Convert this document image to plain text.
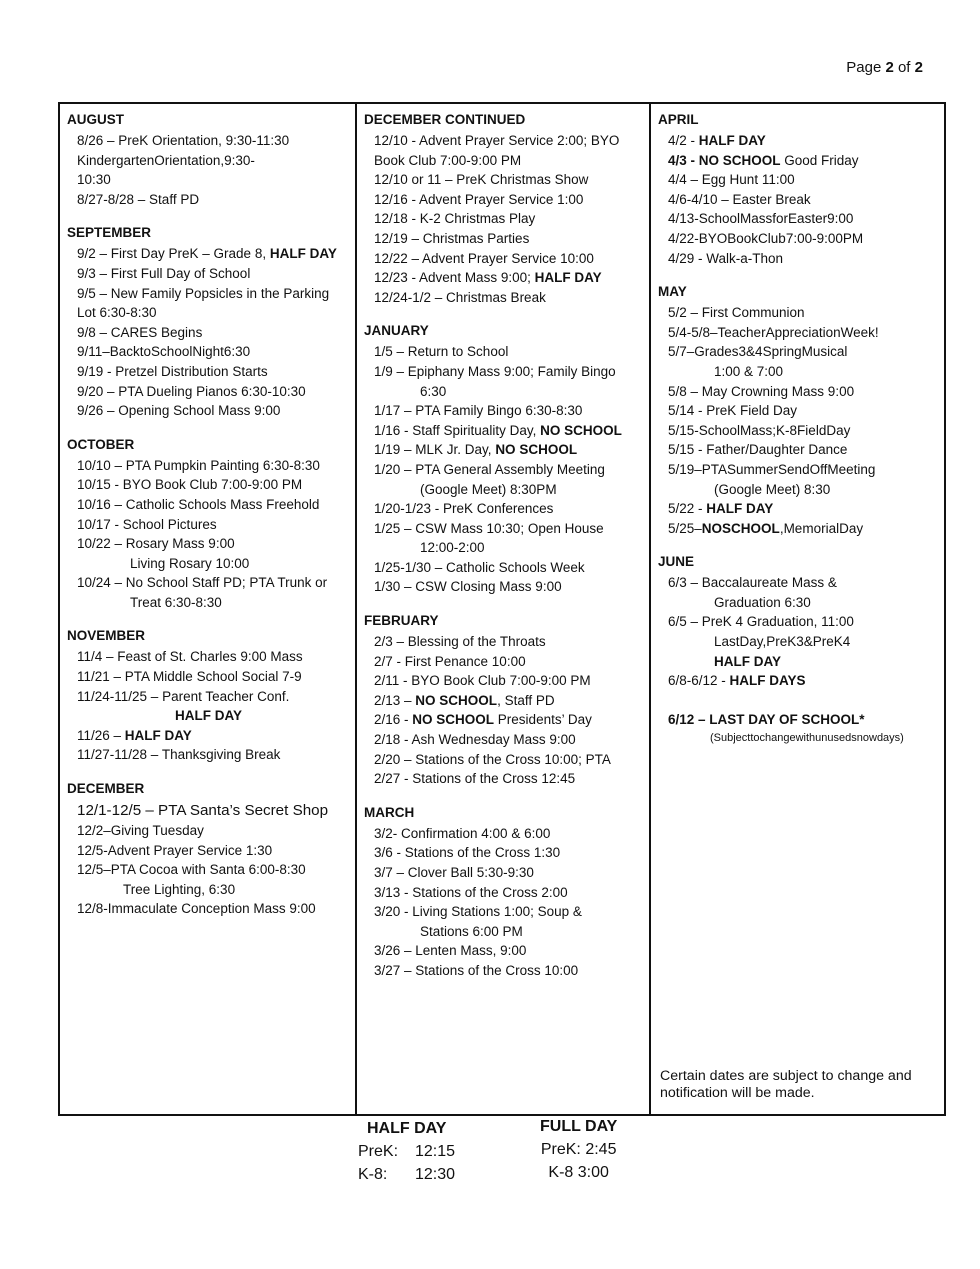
Page 2 of 2
AUGUST
8/26 – PreK Orientation, 9:30-11:30
KindergartenOrientation,9:30-
10:30
8/27-8/28 – Staff PD
SEPTEMBER
9/2 – First Day PreK – Grade 8, HALF DAY
9/3 – First Full Day of School
9/5 – New Family Popsicles in the Parking
Lot 6:30-8:30
9/8 – CARES Begins
9/11–BacktoSchoolNight6:30
9/19 - Pretzel Distribution Starts
9/20 – PTA Dueling Pianos 6:30-10:30
9/26 – Opening School Mass 9:00
OCTOBER
10/10 – PTA Pumpkin Painting 6:30-8:30
10/15 - BYO Book Club 7:00-9:00 PM
10/16 – Catholic Schools Mass Freehold
10/17 - School Pictures
10/22 – Rosary Mass 9:00
Living Rosary 10:00
10/24 – No School Staff PD; PTA Trunk or
Treat 6:30-8:30
NOVEMBER
11/4 – Feast of St. Charles 9:00 Mass
11/21 – PTA Middle School Social 7-9
11/24-11/25 – Parent Teacher Conf.
HALF DAY
11/26 – HALF DAY
11/27-11/28 – Thanksgiving Break
DECEMBER
12/1-12/5 – PTA Santa’s Secret Shop
12/2–Giving Tuesday
12/5-Advent Prayer Service 1:30
12/5–PTA Cocoa with Santa 6:00-8:30
Tree Lighting, 6:30
12/8-Immaculate Conception Mass 9:00
DECEMBER CONTINUED
12/10 - Advent Prayer Service 2:00; BYO
Book Club 7:00-9:00 PM
12/10 or 11 – PreK Christmas Show
12/16 - Advent Prayer Service 1:00
12/18 - K-2 Christmas Play
12/19 – Christmas Parties
12/22 – Advent Prayer Service 10:00
12/23 - Advent Mass 9:00; HALF DAY
12/24-1/2 – Christmas Break
JANUARY
1/5 – Return to School
1/9 – Epiphany Mass 9:00; Family Bingo
6:30
1/17 – PTA Family Bingo 6:30-8:30
1/16 - Staff Spirituality Day, NO SCHOOL
1/19 – MLK Jr. Day, NO SCHOOL
1/20 – PTA General Assembly Meeting
(Google Meet) 8:30PM
1/20-1/23 - PreK Conferences
1/25 – CSW Mass 10:30; Open House
12:00-2:00
1/25-1/30 – Catholic Schools Week
1/30 – CSW Closing Mass 9:00
FEBRUARY
2/3 – Blessing of the Throats
2/7 - First Penance 10:00
2/11 - BYO Book Club 7:00-9:00 PM
2/13 – NO SCHOOL, Staff PD
2/16 - NO SCHOOL Presidents’ Day
2/18 - Ash Wednesday Mass 9:00
2/20 – Stations of the Cross 10:00; PTA
2/27 - Stations of the Cross 12:45
MARCH
3/2- Confirmation 4:00 & 6:00
3/6 - Stations of the Cross 1:30
3/7 – Clover Ball 5:30-9:30
3/13 - Stations of the Cross 2:00
3/20 - Living Stations 1:00; Soup &
Stations 6:00 PM
3/26 – Lenten Mass, 9:00
3/27 – Stations of the Cross 10:00
APRIL
4/2 - HALF DAY
4/3 - NO SCHOOL Good Friday
4/4 – Egg Hunt 11:00
4/6-4/10 – Easter Break
4/13-SchoolMassforEaster9:00
4/22-BYOBookClub7:00-9:00PM
4/29 - Walk-a-Thon
MAY
5/2 – First Communion
5/4-5/8–TeacherAppreciationWeek!
5/7–Grades3&4SpringMusical
1:00 & 7:00
5/8 – May Crowning Mass 9:00
5/14 - PreK Field Day
5/15-SchoolMass;K-8FieldDay
5/15 - Father/Daughter Dance
5/19–PTASummerSendOffMeeting
(Google Meet) 8:30
5/22 - HALF DAY
5/25–NOSCHOOL,MemorialDay
JUNE
6/3 – Baccalaureate Mass &
Graduation 6:30
6/5 – PreK 4 Graduation, 11:00
LastDay,PreK3&PreK4
HALF DAY
6/8-6/12 - HALF DAYS
6/12 – LAST DAY OF SCHOOL*
(Subjecttochangewithunusedsnowdays)
Certain dates are subject to change and
notification will be made.
HALF DAY
PreK: 12:15
K-8: 12:30
FULL DAY
PreK: 2:45
K-8 3:00
